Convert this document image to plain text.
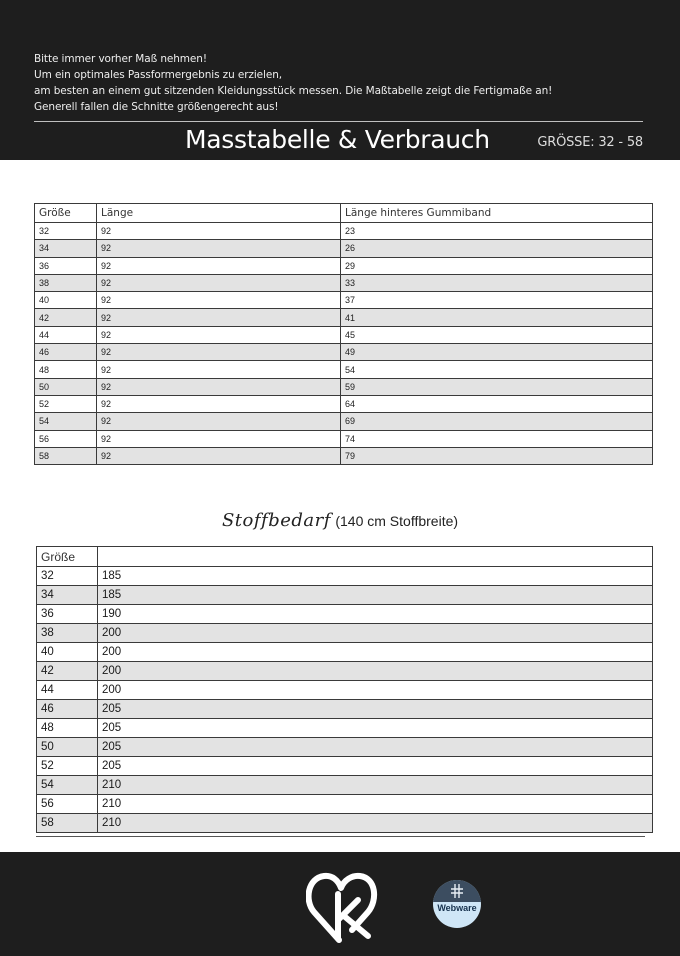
Bitte immer vorher Maß nehmen!
Um ein optimales Passformergebnis zu erzielen,
am besten an einem gut sitzenden Kleidungsstück messen. Die Maßtabelle zeigt die Fertigmaße an!
Generell fallen die Schnitte größengerecht aus!
Masstabelle & Verbrauch	GRÖSSE: 32 - 58
Größe	Länge	Länge hinteres Gummiband
32	92	23
34	92	26
36	92	29
38	92	33
40	92	37
42	92	41
44	92	45
46	92	49
48	92	54
50	92	59
52	92	64
54	92	69
56	92	74
58	92	79
Stoffbedarf (140 cm Stoffbreite)
Größe	
32	185
34	185
36	190
38	200
40	200
42	200
44	200
46	205
48	205
50	205
52	205
54	210
56	210
58	210
Webware
